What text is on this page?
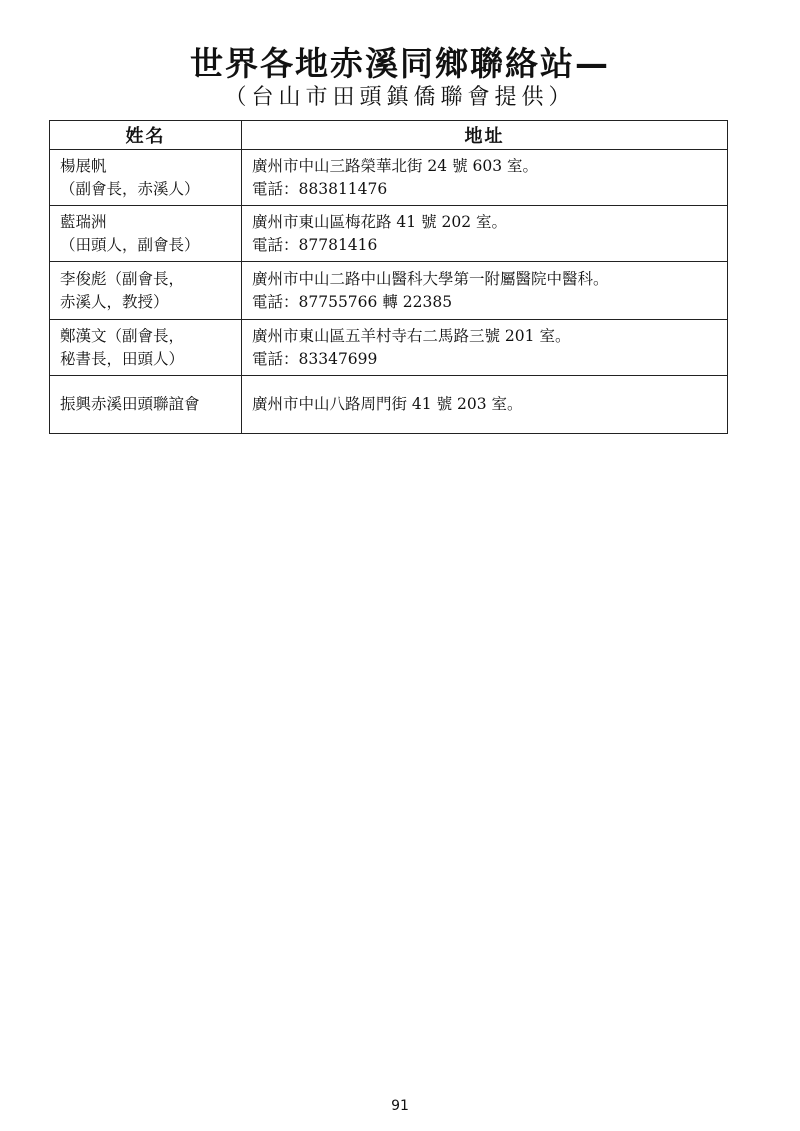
世界各地赤溪同鄉聯絡站—
（台山市田頭鎮僑聯會提供）
姓名	地址

楊展帆
（副會長，赤溪人）	廣州市中山三路榮華北街 24 號 603 室。
電話：883811476

藍瑞洲
（田頭人，副會長）	廣州市東山區梅花路 41 號 202 室。
電話：87781416

李俊彪（副會長，
赤溪人，教授）	廣州市中山二路中山醫科大學第一附屬醫院中醫科。
電話：87755766 轉 22385

鄭漢文（副會長，
秘書長，田頭人）	廣州市東山區五羊村寺右二馬路三號 201 室。
電話：83347699

振興赤溪田頭聯誼會	廣州市中山八路周門街 41 號 203 室。
91
